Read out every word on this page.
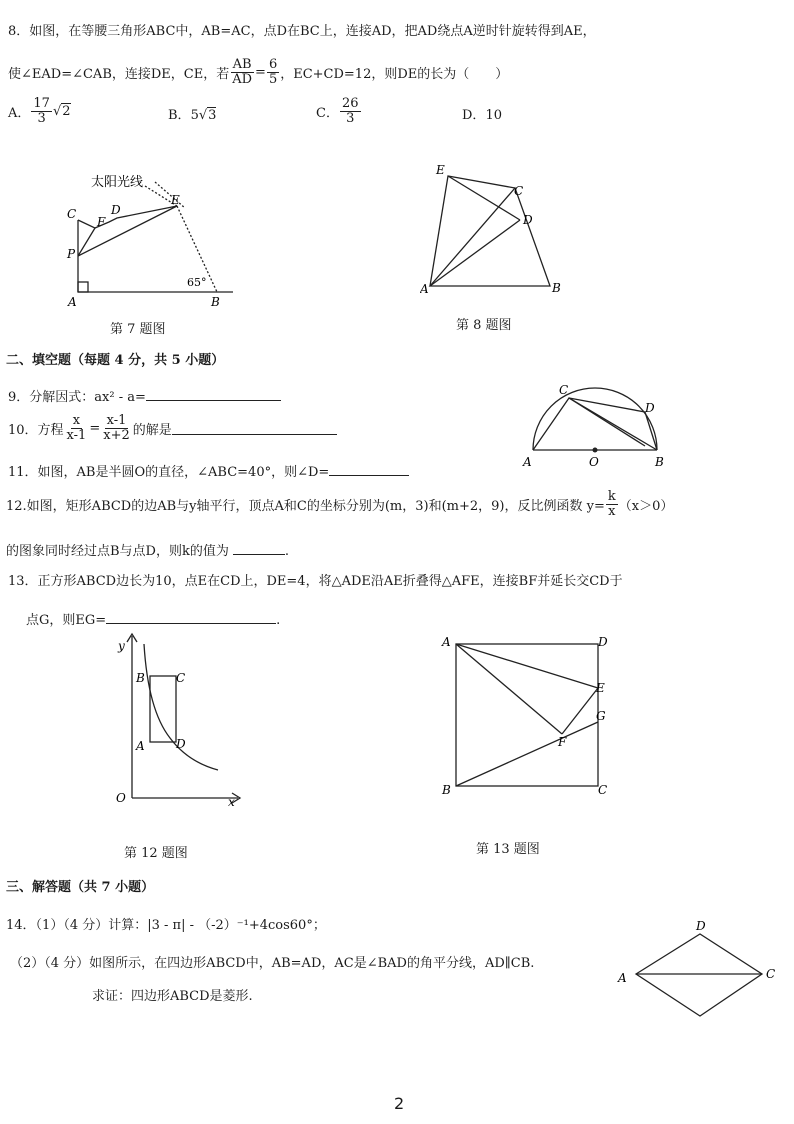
8．如图，在等腰三角形ABC中，AB=AC，点D在BC上，连接AD，把AD绕点A逆时针旋转得到AE，
使∠EAD=∠CAB，连接DE，CE，若 $\frac{AB}{AD} = \frac{6}{5}$ ，EC+CD=12，则DE的长为（　　）
A． $\frac{17}{3}$ √ 2	B．5√3	C． $\frac{26}{3}$	D．10
太阳光线
C
P
F
D
E
A	B
65°
第 7 题图
A	B
C
D
E
第 8 题图
二、填空题（每题 4 分，共 5 小题）
9．分解因式：ax² - a=
10．方程 $\frac{x}{x-1} = \frac{x-1}{x+2}$ 的解是
11．如图，AB是半圆O的直径，∠ABC=40°，则∠D=
A	O	B
C
D
12.如图，矩形ABCD的边AB与y轴平行，顶点A和C的坐标分别为(m，3)和(m+2，9)，反比例函数 $y= \frac{k}{x} (x>0)$
的图象同时经过点B与点D，则k的值为	.
13．正方形ABCD边长为10，点E在CD上，DE=4，将△ADE沿AE折叠得△AFE，连接BF并延长交CD于
点G，则EG=	.
y
x
O
A
B	C
D
第 12 题图
A	D
E
G
F
B	C
第 13 题图
三、解答题（共 7 小题）
14．（1）（4 分）计算：|3 - π| - （-2）⁻¹+4cos60°；
（2）（4 分）如图所示，在四边形ABCD中，AB=AD，AC是∠BAD的角平分线，AD∥CB.
求证：四边形ABCD是菱形.
A	C
D
2
